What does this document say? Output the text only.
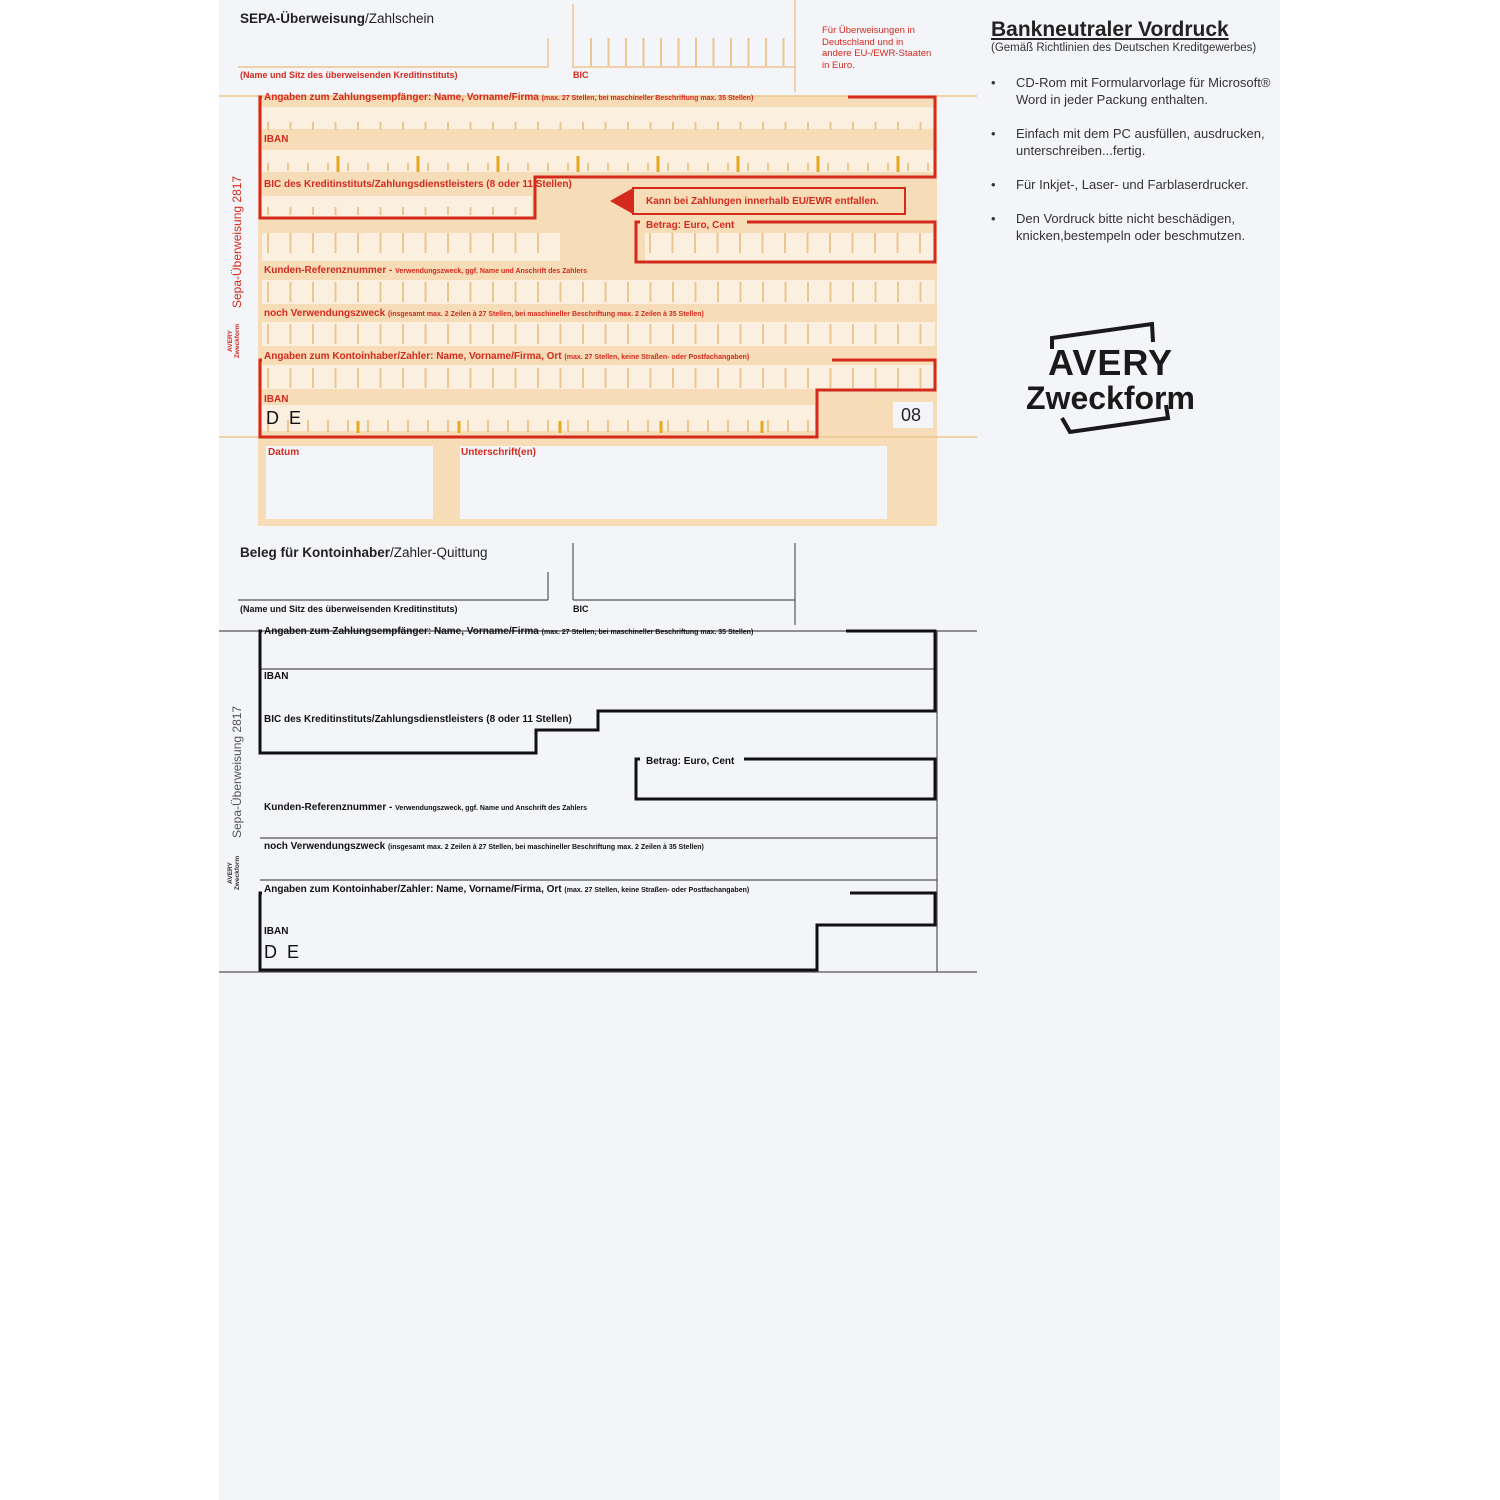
SEPA-Überweisung/Zahlschein
(Name und Sitz des überweisenden Kreditinstituts)	BIC
Für Überweisungen in Deutschland und in andere EU-/EWR-Staaten in Euro.
Angaben zum Zahlungsempfänger: Name, Vorname/Firma (max. 27 Stellen, bei maschineller Beschriftung max. 35 Stellen)
IBAN
BIC des Kreditinstituts/Zahlungsdienstleisters (8 oder 11 Stellen)
Kann bei Zahlungen innerhalb EU/EWR entfallen.
Betrag: Euro, Cent
Kunden-Referenznummer - Verwendungszweck, ggf. Name und Anschrift des Zahlers
noch Verwendungszweck (insgesamt max. 2 Zeilen à 27 Stellen, bei maschineller Beschriftung max. 2 Zeilen à 35 Stellen)
Angaben zum Kontoinhaber/Zahler: Name, Vorname/Firma, Ort (max. 27 Stellen, keine Straßen- oder Postfachangaben)
IBAN
DE	08
Datum	Unterschrift(en)
Sepa-Überweisung 2817
AVERY Zweckform
Beleg für Kontoinhaber/Zahler-Quittung
(Name und Sitz des überweisenden Kreditinstituts)	BIC
Angaben zum Zahlungsempfänger: Name, Vorname/Firma (max. 27 Stellen, bei maschineller Beschriftung max. 35 Stellen)
IBAN
BIC des Kreditinstituts/Zahlungsdienstleisters (8 oder 11 Stellen)
Betrag: Euro, Cent
Kunden-Referenznummer - Verwendungszweck, ggf. Name und Anschrift des Zahlers
noch Verwendungszweck (insgesamt max. 2 Zeilen à 27 Stellen, bei maschineller Beschriftung max. 2 Zeilen à 35 Stellen)
Angaben zum Kontoinhaber/Zahler: Name, Vorname/Firma, Ort (max. 27 Stellen, keine Straßen- oder Postfachangaben)
IBAN
DE
Sepa-Überweisung 2817
AVERY Zweckform
Bankneutraler Vordruck
(Gemäß Richtlinien des Deutschen Kreditgewerbes)
• CD-Rom mit Formularvorlage für Microsoft® Word in jeder Packung enthalten.
• Einfach mit dem PC ausfüllen, ausdrucken, unterschreiben...fertig.
• Für Inkjet-, Laser- und Farblaserdrucker.
• Den Vordruck bitte nicht beschädigen, knicken,bestempeln oder beschmutzen.
AVERY
Zweckform
